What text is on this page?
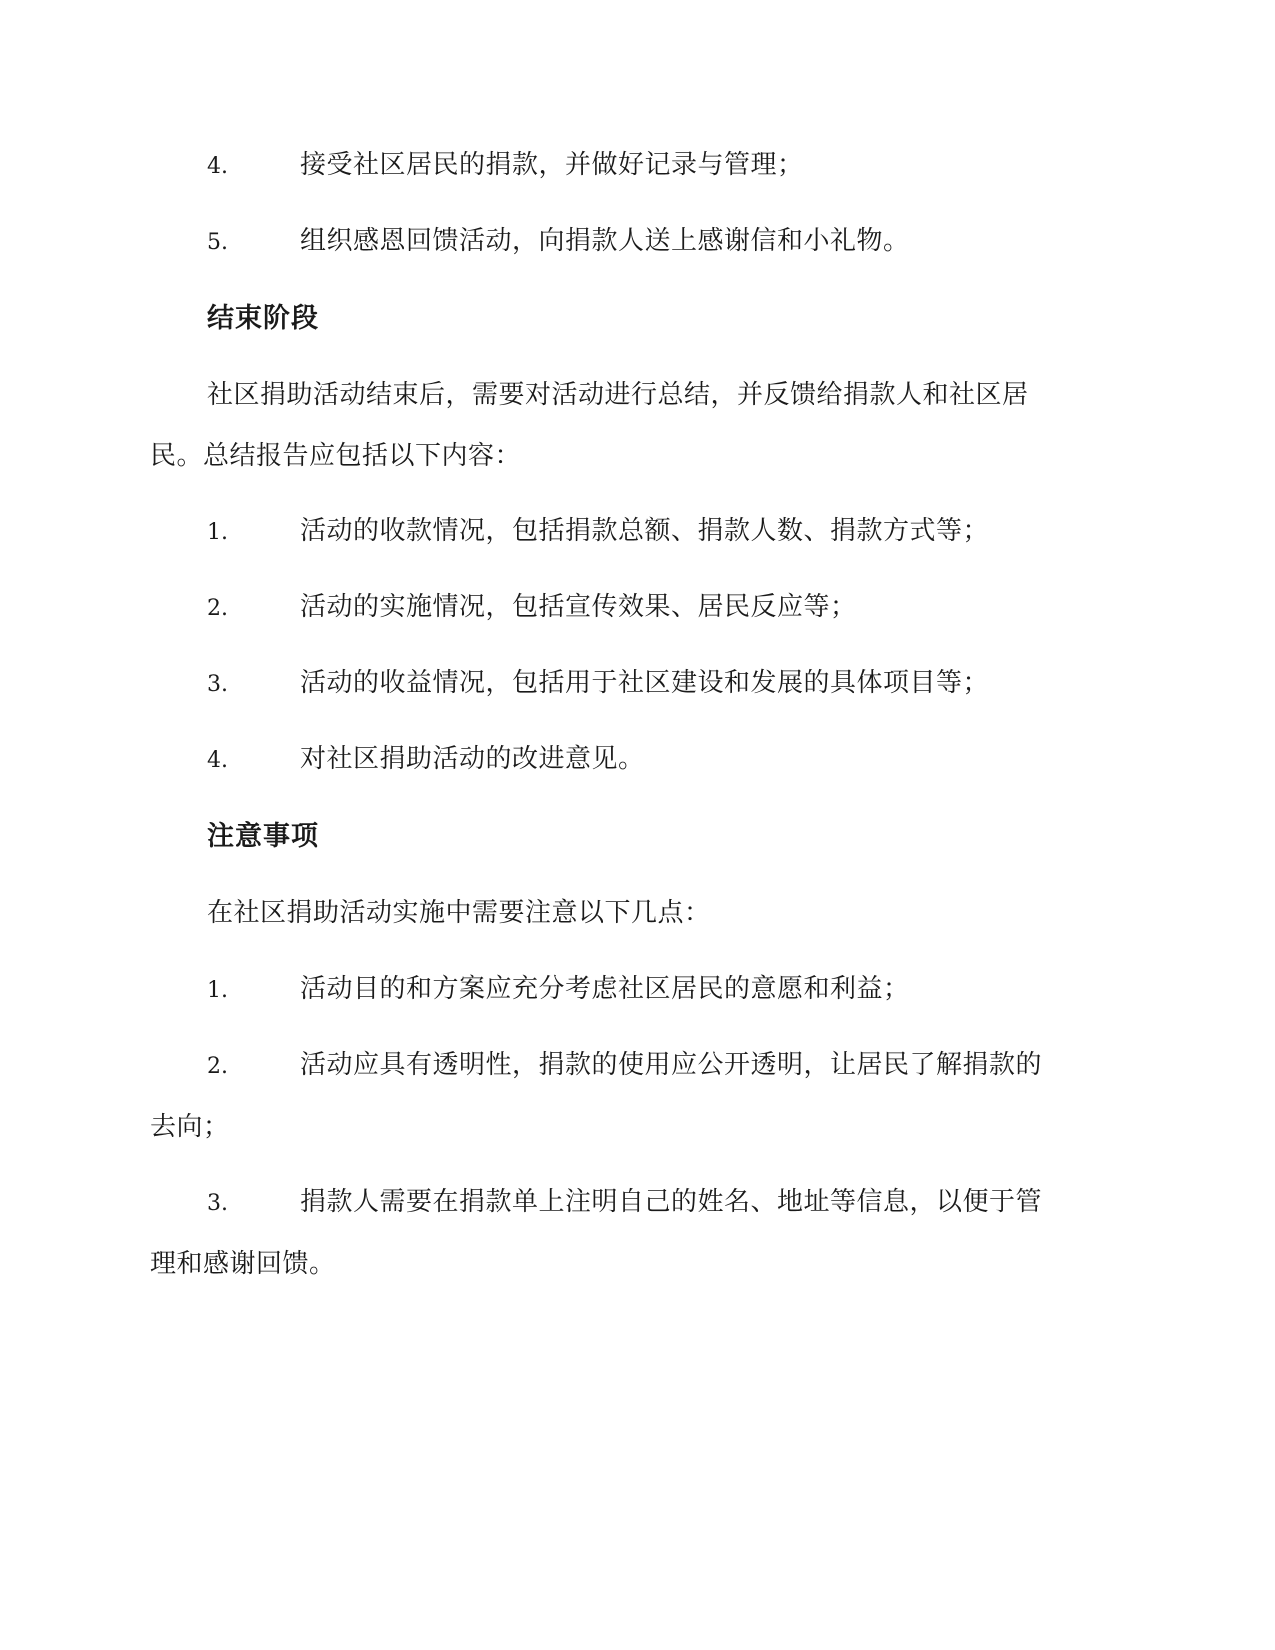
4.	接受社区居民的捐款，并做好记录与管理；
5.	组织感恩回馈活动，向捐款人送上感谢信和小礼物。
结束阶段
社区捐助活动结束后，需要对活动进行总结，并反馈给捐款人和社区居
民。总结报告应包括以下内容：
1.	活动的收款情况，包括捐款总额、捐款人数、捐款方式等；
2.	活动的实施情况，包括宣传效果、居民反应等；
3.	活动的收益情况，包括用于社区建设和发展的具体项目等；
4.	对社区捐助活动的改进意见。
注意事项
在社区捐助活动实施中需要注意以下几点：
1.	活动目的和方案应充分考虑社区居民的意愿和利益；
2.	活动应具有透明性，捐款的使用应公开透明，让居民了解捐款的
去向；
3.	捐款人需要在捐款单上注明自己的姓名、地址等信息，以便于管
理和感谢回馈。
